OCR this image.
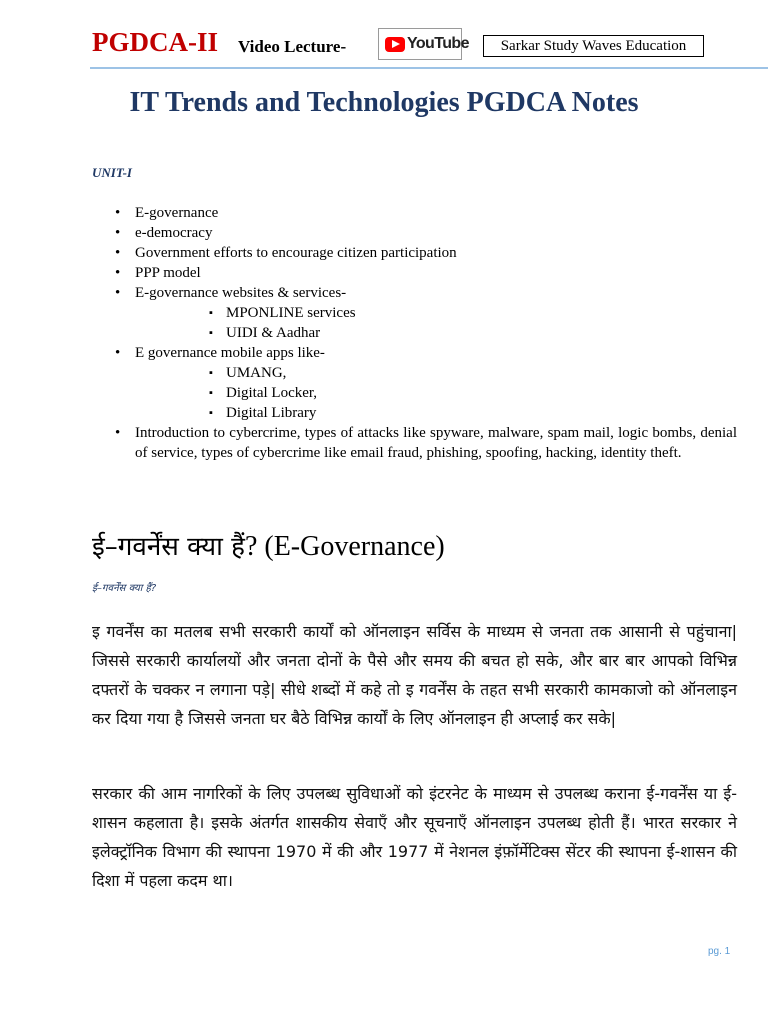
PGDCA-II Video Lecture-	YouTube	Sarkar Study Waves Education
IT Trends and Technologies PGDCA Notes
UNIT-I
• E-governance
• e-democracy
• Government efforts to encourage citizen participation
• PPP model
• E-governance websites & services-
▪ MPONLINE services
▪ UIDI & Aadhar
• E governance mobile apps like-
▪ UMANG,
▪ Digital Locker,
▪ Digital Library
• Introduction to cybercrime, types of attacks like spyware, malware, spam mail, logic bombs, denial of service, types of cybercrime like email fraud, phishing, spoofing, hacking, identity theft.
ई–गवर्नेंस क्या हैं? (E-Governance)
ई–गवर्नेंस क्या हैं?

इ गवर्नेंस का मतलब सभी सरकारी कार्यों को ऑनलाइन सर्विस के माध्यम से जनता तक आसानी से पहुंचाना| जिससे सरकारी कार्यालयों और जनता दोनों के पैसे और समय की बचत हो सके, और बार बार आपको विभिन्न दफ्तरों के चक्कर न लगाना पड़े| सीधे शब्दों में कहे तो इ गवर्नेंस के तहत सभी सरकारी कामकाजो को ऑनलाइन कर दिया गया है जिससे जनता घर बैठे विभिन्न कार्यों के लिए ऑनलाइन ही अप्लाई कर सके|

सरकार की आम नागरिकों के लिए उपलब्ध सुविधाओं को इंटरनेट के माध्यम से उपलब्ध कराना ई-गवर्नेंस या ई-शासन कहलाता है। इसके अंतर्गत शासकीय सेवाएँ और सूचनाएँ ऑनलाइन उपलब्ध होती हैं। भारत सरकार ने इलेक्ट्रॉनिक विभाग की स्थापना 1970 में की और 1977 में नेशनल इंफ़ॉर्मेटिक्स सेंटर की स्थापना ई-शासन की दिशा में पहला कदम था।

pg. 1
